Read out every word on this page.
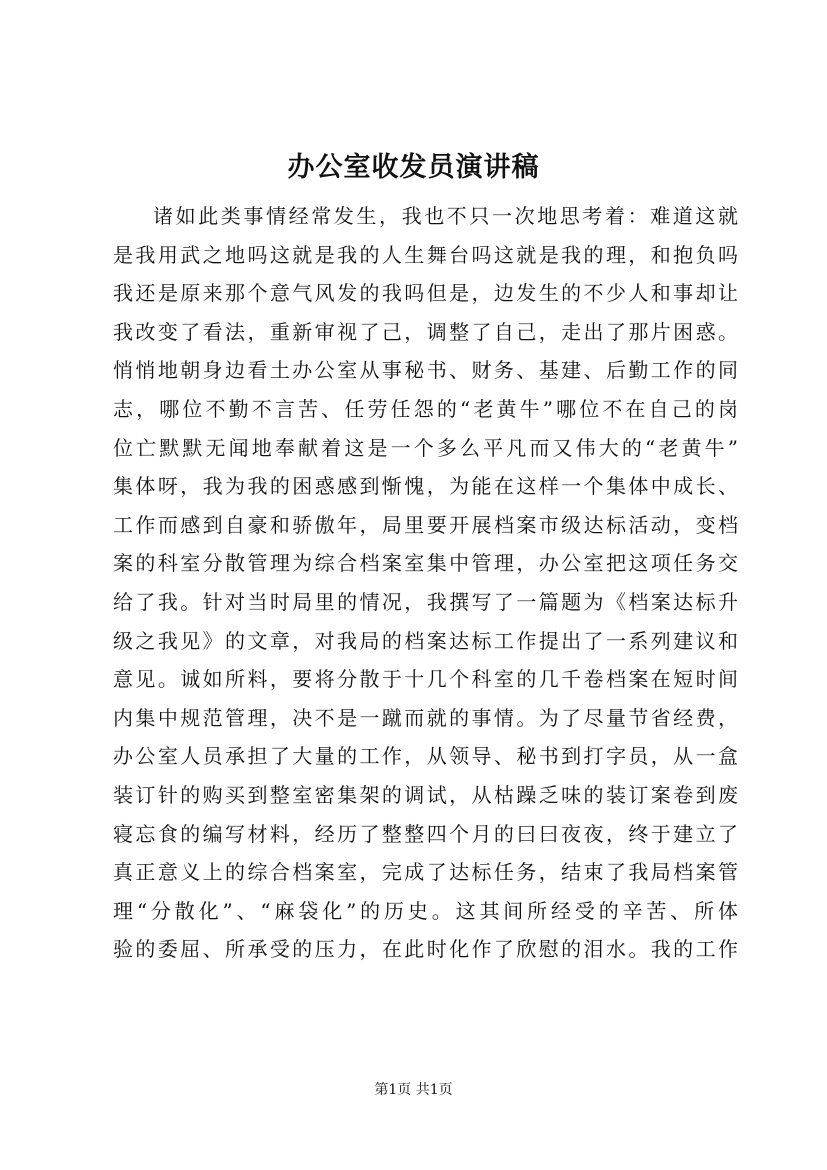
办公室收发员演讲稿
诸如此类事情经常发生，我也不只一次地思考着：难道这就
是我用武之地吗这就是我的人生舞台吗这就是我的理，和抱负吗
我还是原来那个意气风发的我吗但是，边发生的不少人和事却让
我改变了看法，重新审视了己，调整了自己，走出了那片困惑。
悄悄地朝身边看土办公室从事秘书、财务、基建、后勤工作的同
志，哪位不勤不言苦、任劳任怨的“老黄牛”哪位不在自己的岗
位亡默默无闻地奉献着这是一个多么平凡而又伟大的“老黄牛”
集体呀，我为我的困惑感到惭愧，为能在这样一个集体中成长、
工作而感到自豪和骄傲年，局里要开展档案市级达标活动，变档
案的科室分散管理为综合档案室集中管理，办公室把这项任务交
给了我。针对当时局里的情况，我撰写了一篇题为《档案达标升
级之我见》的文章，对我局的档案达标工作提出了一系列建议和
意见。诚如所料，要将分散于十几个科室的几千卷档案在短时间
内集中规范管理，决不是一蹴而就的事情。为了尽量节省经费，
办公室人员承担了大量的工作，从领导、秘书到打字员，从一盒
装订针的购买到整室密集架的调试，从枯躁乏味的装订案卷到废
寝忘食的编写材料，经历了整整四个月的曰曰夜夜，终于建立了
真正意义上的综合档案室，完成了达标任务，结束了我局档案管
理“分散化”、“麻袋化”的历史。这其间所经受的辛苦、所体
验的委屈、所承受的压力，在此时化作了欣慰的泪水。我的工作
第1页 共1页
